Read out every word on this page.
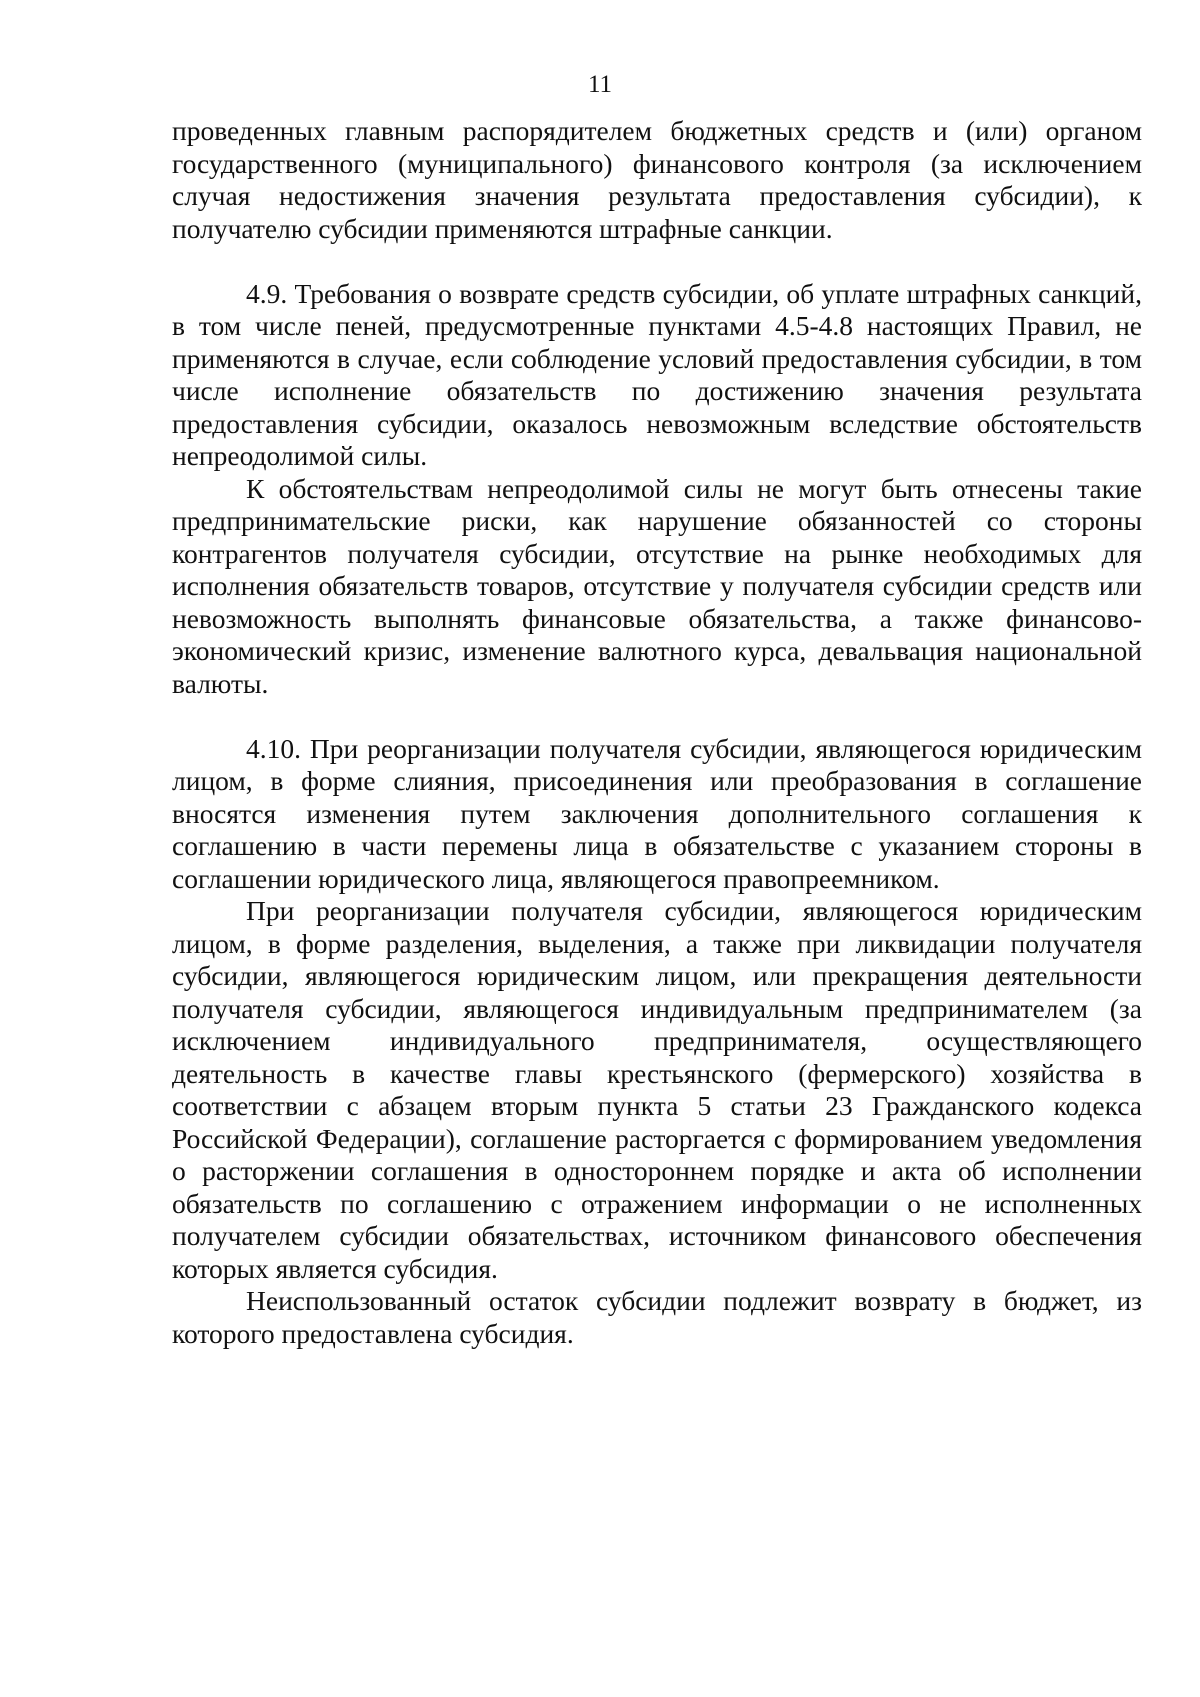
11

проведенных главным распорядителем бюджетных средств и (или) органом государственного (муниципального) финансового контроля (за исключением случая недостижения значения результата предоставления субсидии), к получателю субсидии применяются штрафные санкции.

4.9. Требования о возврате средств субсидии, об уплате штрафных санкций, в том числе пеней, предусмотренные пунктами 4.5-4.8 настоящих Правил, не применяются в случае, если соблюдение условий предоставления субсидии, в том числе исполнение обязательств по достижению значения результата предоставления субсидии, оказалось невозможным вследствие обстоятельств непреодолимой силы.

К обстоятельствам непреодолимой силы не могут быть отнесены такие предпринимательские риски, как нарушение обязанностей со стороны контрагентов получателя субсидии, отсутствие на рынке необходимых для исполнения обязательств товаров, отсутствие у получателя субсидии средств или невозможность выполнять финансовые обязательства, а также финансово-экономический кризис, изменение валютного курса, девальвация национальной валюты.

4.10. При реорганизации получателя субсидии, являющегося юридическим лицом, в форме слияния, присоединения или преобразования в соглашение вносятся изменения путем заключения дополнительного соглашения к соглашению в части перемены лица в обязательстве с указанием стороны в соглашении юридического лица, являющегося правопреемником.

При реорганизации получателя субсидии, являющегося юридическим лицом, в форме разделения, выделения, а также при ликвидации получателя субсидии, являющегося юридическим лицом, или прекращения деятельности получателя субсидии, являющегося индивидуальным предпринимателем (за исключением индивидуального предпринимателя, осуществляющего деятельность в качестве главы крестьянского (фермерского) хозяйства в соответствии с абзацем вторым пункта 5 статьи 23 Гражданского кодекса Российской Федерации), соглашение расторгается с формированием уведомления о расторжении соглашения в одностороннем порядке и акта об исполнении обязательств по соглашению с отражением информации о не исполненных получателем субсидии обязательствах, источником финансового обеспечения которых является субсидия.

Неиспользованный остаток субсидии подлежит возврату в бюджет, из которого предоставлена субсидия.
